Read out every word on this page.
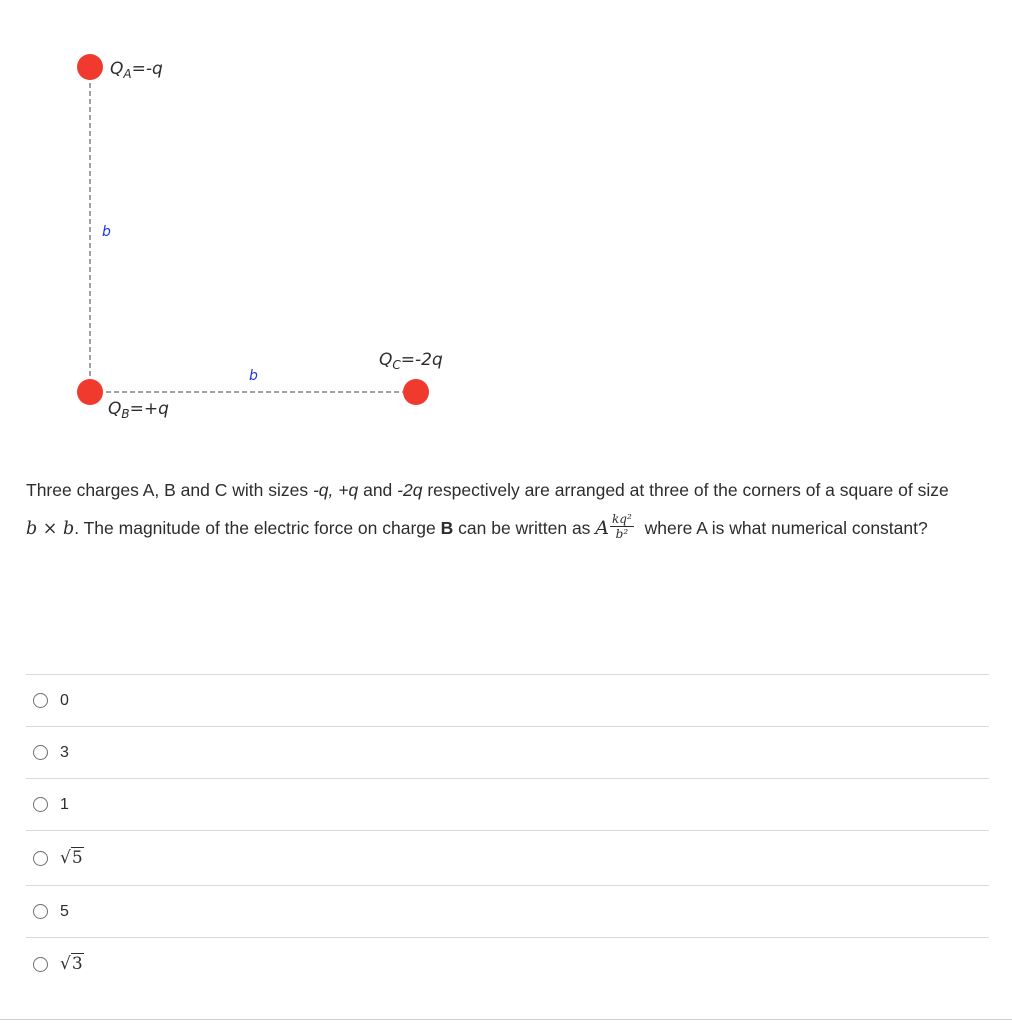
$Q_A=-q$
$Q_B=+q$
$Q_C=-2q$
b
b
Three charges A, B and C with sizes -q, +q and -2q respectively are arranged at three of the corners of a square of size b × b. The magnitude of the electric force on charge B can be written as A $\frac{\text{kq²}}{\text{b²}}$ where A is what numerical constant?
0
3
1
√5
5
√3
